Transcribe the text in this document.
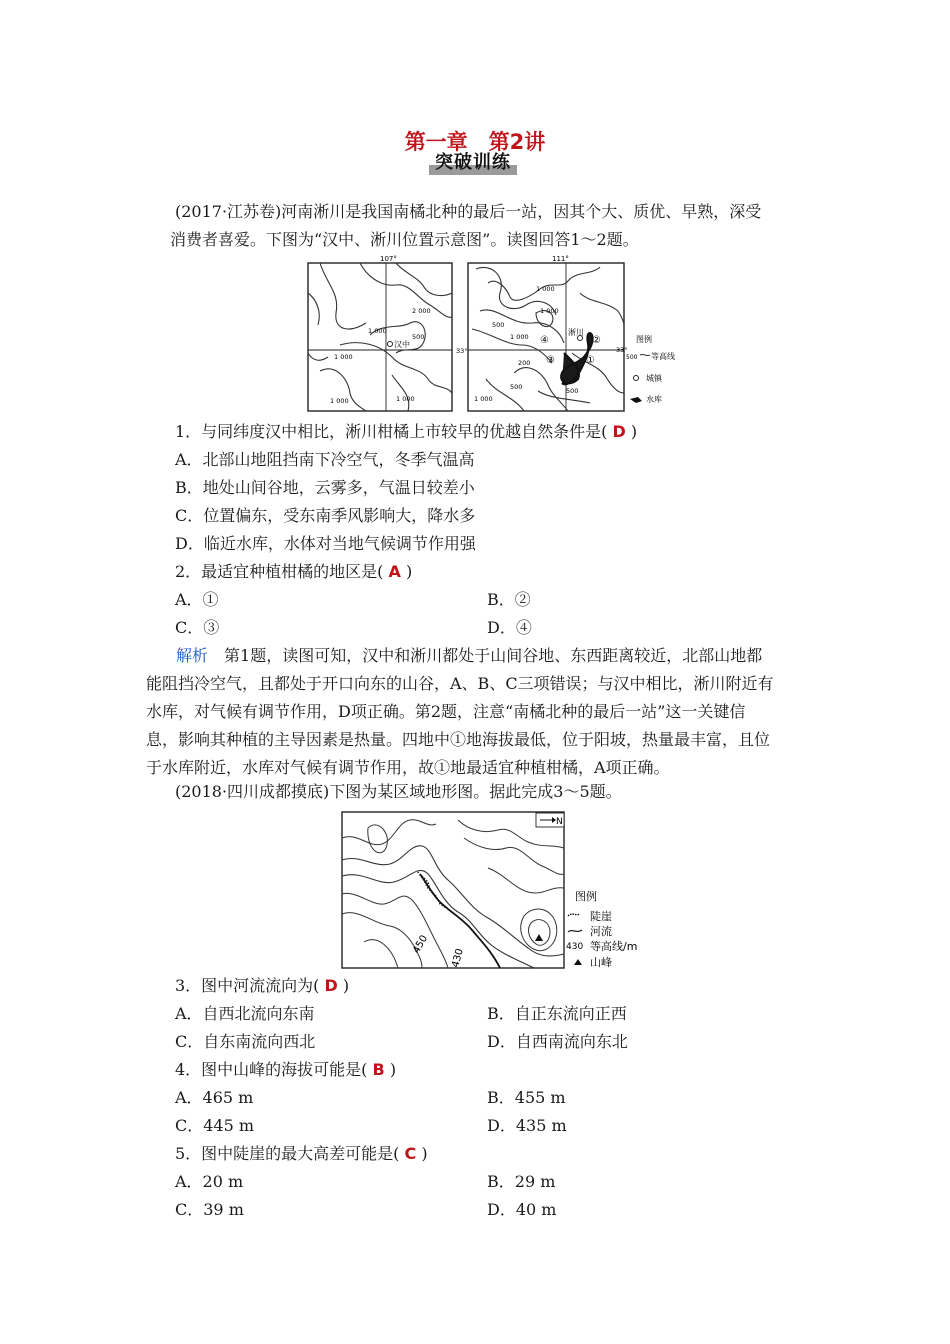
第一章　第2讲
突破训练
(2017·江苏卷)河南淅川是我国南橘北种的最后一站，因其个大、质优、早熟，深受
消费者喜爱。下图为“汉中、淅川位置示意图”。读图回答1～2题。
107°
汉中
2 000
1 000
500
1 000
1 000	1 000
111°
33°	33°
淅川
①
②
③
④
1 000
1 000
500
1 000
200
500	500
1 000
图例
500 等高线
城镇
水库
1．与同纬度汉中相比，淅川柑橘上市较早的优越自然条件是( D )
A．北部山地阻挡南下冷空气，冬季气温高
B．地处山间谷地，云雾多，气温日较差小
C．位置偏东，受东南季风影响大，降水多
D．临近水库，水体对当地气候调节作用强
2．最适宜种植柑橘的地区是( A )
A．①	B．②
C．③	D．④
解析　第1题，读图可知，汉中和淅川都处于山间谷地、东西距离较近，北部山地都
能阻挡冷空气，且都处于开口向东的山谷，A、B、C三项错误；与汉中相比，淅川附近有
水库，对气候有调节作用，D项正确。第2题，注意“南橘北种的最后一站”这一关键信
息，影响其种植的主导因素是热量。四地中①地海拔最低，位于阳坡，热量最丰富，且位
于水库附近，水库对气候有调节作用，故①地最适宜种植柑橘，A项正确。
(2018·四川成都摸底)下图为某区域地形图。据此完成3～5题。
N
450
430
图例
陡崖
河流
430 等高线/m
山峰
3．图中河流流向为( D )
A．自西北流向东南	B．自正东流向正西
C．自东南流向西北	D．自西南流向东北
4．图中山峰的海拔可能是( B )
A．465 m	B．455 m
C．445 m	D．435 m
5．图中陡崖的最大高差可能是( C )
A．20 m	B．29 m
C．39 m	D．40 m
